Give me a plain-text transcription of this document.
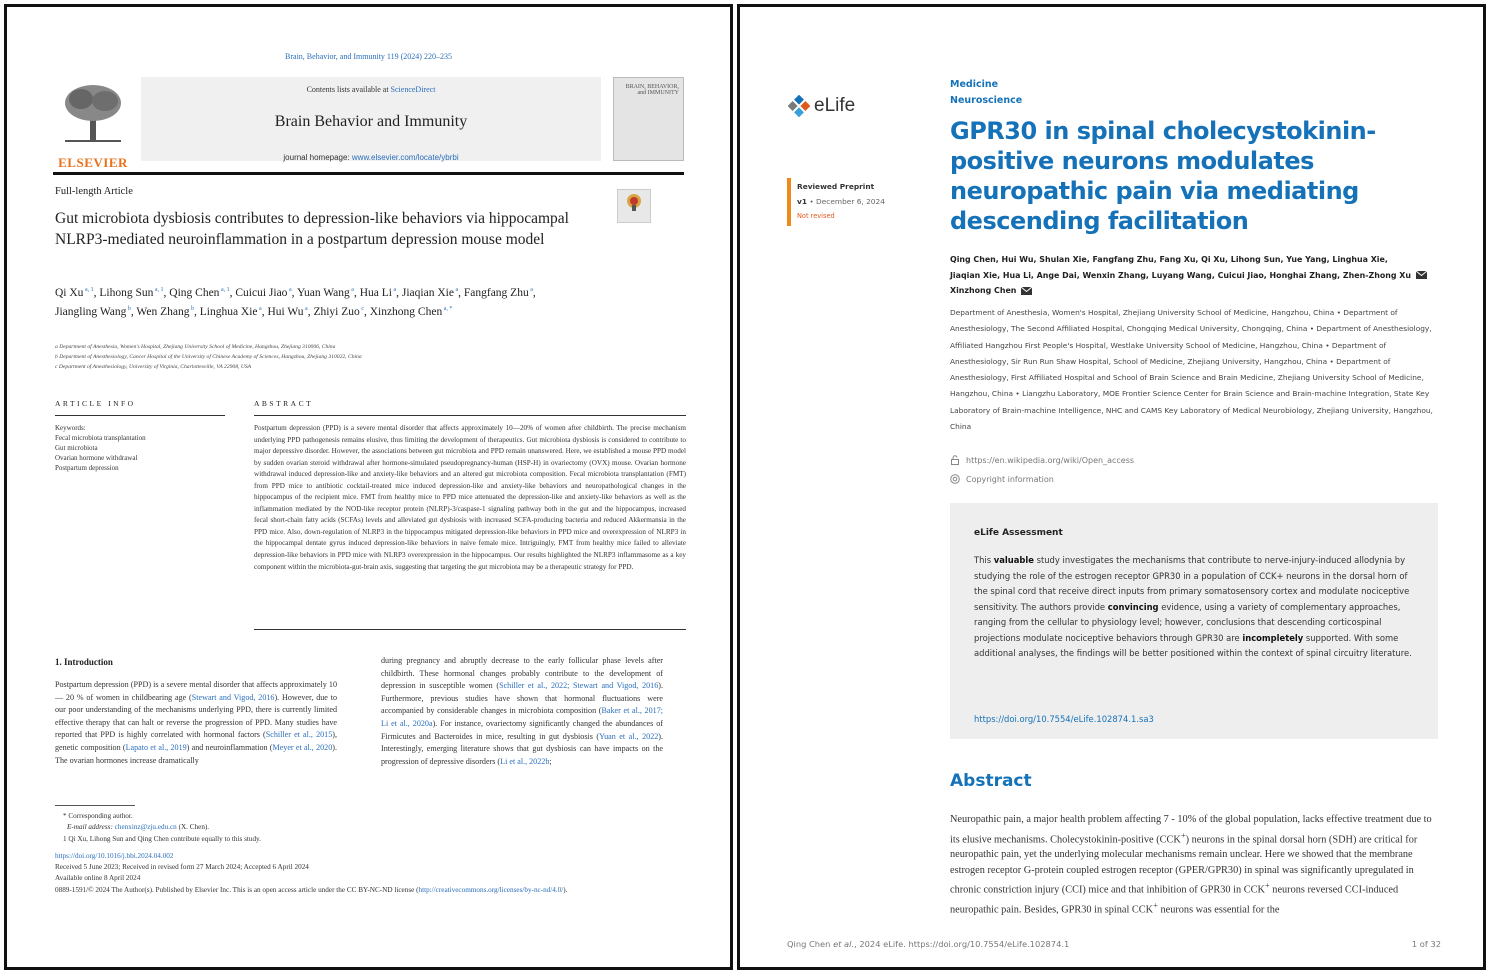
Brain, Behavior, and Immunity 119 (2024) 220–235
ELSEVIER
Contents lists available at ScienceDirect
Brain Behavior and Immunity
journal homepage: www.elsevier.com/locate/ybrbi
BRAIN, BEHAVIOR, and IMMUNITY
Full-length Article
Gut microbiota dysbiosis contributes to depression-like behaviors via hippocampal NLRP3-mediated neuroinflammation in a postpartum depression mouse model
Qi Xu $^{a, 1}$, Lihong Sun $^{a, 1}$, Qing Chen $^{a, 1}$, Cuicui Jiao $^a$, Yuan Wang $^a$, Hua Li $^a$, Jiaqian Xie $^a$, Fangfang Zhu $^a$, Jiangling Wang $^b$, Wen Zhang $^b$, Linghua Xie $^a$, Hui Wu $^a$, Zhiyi Zuo $^c$, Xinzhong Chen $^{a, *}$
a Department of Anesthesia, Women's Hospital, Zhejiang University School of Medicine, Hangzhou, Zhejiang 310006, China
b Department of Anesthesiology, Cancer Hospital of the University of Chinese Academy of Sciences, Hangzhou, Zhejiang 310022, China
c Department of Anesthesiology, University of Virginia, Charlottesville, VA 22908, USA
ARTICLE INFO	ABSTRACT
Keywords:
Fecal microbiota transplantation
Gut microbiota
Ovarian hormone withdrawal
Postpartum depression
Postpartum depression (PPD) is a severe mental disorder that affects approximately 10––20% of women after childbirth. The precise mechanism underlying PPD pathogenesis remains elusive, thus limiting the development of therapeutics. Gut microbiota dysbiosis is considered to contribute to major depressive disorder. However, the associations between gut microbiota and PPD remain unanswered. Here, we established a mouse PPD model by sudden ovarian steroid withdrawal after hormone-simulated pseudopregnancy-human (HSP-H) in ovariectomy (OVX) mouse. Ovarian hormone withdrawal induced depression-like and anxiety-like behaviors and an altered gut microbiota composition. Fecal microbiota transplantation (FMT) from PPD mice to antibiotic cocktail-treated mice induced depression-like and anxiety-like behaviors and neuropathological changes in the hippocampus of the recipient mice. FMT from healthy mice to PPD mice attenuated the depression-like and anxiety-like behaviors as well as the inflammation mediated by the NOD-like receptor protein (NLRP)-3/caspase-1 signaling pathway both in the gut and the hippocampus, increased fecal short-chain fatty acids (SCFAs) levels and alleviated gut dysbiosis with increased SCFA-producing bacteria and reduced Akkermansia in the PPD mice. Also, down-regulation of NLRP3 in the hippocampus mitigated depression-like behaviors in PPD mice and overexpression of NLRP3 in the hippocampal dentate gyrus induced depression-like behaviors in naive female mice. Intriguingly, FMT from healthy mice failed to alleviate depression-like behaviors in PPD mice with NLRP3 overexpression in the hippocampus. Our results highlighted the NLRP3 inflammasome as a key component within the microbiota-gut-brain axis, suggesting that targeting the gut microbiota may be a therapeutic strategy for PPD.
1. Introduction
Postpartum depression (PPD) is a severe mental disorder that affects approximately 10 — 20 % of women in childbearing age (Stewart and Vigod, 2016). However, due to our poor understanding of the mechanisms underlying PPD, there is currently limited effective therapy that can halt or reverse the progression of PPD. Many studies have reported that PPD is highly correlated with hormonal factors (Schiller et al., 2015), genetic composition (Lapato et al., 2019) and neuroinflammation (Meyer et al., 2020). The ovarian hormones increase dramatically
during pregnancy and abruptly decrease to the early follicular phase levels after childbirth. These hormonal changes probably contribute to the development of depression in susceptible women (Schiller et al., 2022; Stewart and Vigod, 2016). Furthermore, previous studies have shown that hormonal fluctuations were accompanied by considerable changes in microbiota composition (Baker et al., 2017; Li et al., 2020a). For instance, ovariectomy significantly changed the abundances of Firmicutes and Bacteroides in mice, resulting in gut dysbiosis (Yuan et al., 2022). Interestingly, emerging literature shows that gut dysbiosis can have impacts on the progression of depressive disorders (Li et al., 2022b;
* Corresponding author.
E-mail address: chenxinz@zju.edu.cn (X. Chen).
1 Qi Xu, Lihong Sun and Qing Chen contribute equally to this study.
https://doi.org/10.1016/j.bbi.2024.04.002
Received 5 June 2023; Received in revised form 27 March 2024; Accepted 6 April 2024
Available online 8 April 2024
0889-1591/© 2024 The Author(s). Published by Elsevier Inc. This is an open access article under the CC BY-NC-ND license (http://creativecommons.org/licenses/by-nc-nd/4.0/).
eLife
Reviewed Preprint
v1 • December 6, 2024
Not revised
Medicine
Neuroscience
GPR30 in spinal cholecystokinin-positive neurons modulates neuropathic pain via mediating descending facilitation
Qing Chen, Hui Wu, Shulan Xie, Fangfang Zhu, Fang Xu, Qi Xu, Lihong Sun, Yue Yang, Linghua Xie,
Jiaqian Xie, Hua Li, Ange Dai, Wenxin Zhang, Luyang Wang, Cuicui Jiao, Honghai Zhang, Zhen-Zhong Xu
Xinzhong Chen
Department of Anesthesia, Women's Hospital, Zhejiang University School of Medicine, Hangzhou, China • Department of Anesthesiology, The Second Affiliated Hospital, Chongqing Medical University, Chongqing, China • Department of Anesthesiology, Affiliated Hangzhou First People's Hospital, Westlake University School of Medicine, Hangzhou, China • Department of Anesthesiology, Sir Run Run Shaw Hospital, School of Medicine, Zhejiang University, Hangzhou, China • Department of Anesthesiology, First Affiliated Hospital and School of Brain Science and Brain Medicine, Zhejiang University School of Medicine, Hangzhou, China • Liangzhu Laboratory, MOE Frontier Science Center for Brain Science and Brain-machine Integration, State Key Laboratory of Brain-machine Intelligence, NHC and CAMS Key Laboratory of Medical Neurobiology, Zhejiang University, Hangzhou, China
https://en.wikipedia.org/wiki/Open_access
Copyright information
eLife Assessment
This valuable study investigates the mechanisms that contribute to nerve-injury-induced allodynia by studying the role of the estrogen receptor GPR30 in a population of CCK+ neurons in the dorsal horn of the spinal cord that receive direct inputs from primary somatosensory cortex and modulate nociceptive sensitivity. The authors provide convincing evidence, using a variety of complementary approaches, ranging from the cellular to physiology level; however, conclusions that descending corticospinal projections modulate nociceptive behaviors through GPR30 are incompletely supported. With some additional analyses, the findings will be better positioned within the context of spinal circuitry literature.
https://doi.org/10.7554/eLife.102874.1.sa3
Abstract
Neuropathic pain, a major health problem affecting 7 - 10% of the global population, lacks effective treatment due to its elusive mechanisms. Cholecystokinin-positive (CCK+) neurons in the spinal dorsal horn (SDH) are critical for neuropathic pain, yet the underlying molecular mechanisms remain unclear. Here we showed that the membrane estrogen receptor G-protein coupled estrogen receptor (GPER/GPR30) in spinal was significantly upregulated in chronic constriction injury (CCI) mice and that inhibition of GPR30 in CCK+ neurons reversed CCI-induced neuropathic pain. Besides, GPR30 in spinal CCK+ neurons was essential for the
Qing Chen et al., 2024 eLife. https://doi.org/10.7554/eLife.102874.1	1 of 32
